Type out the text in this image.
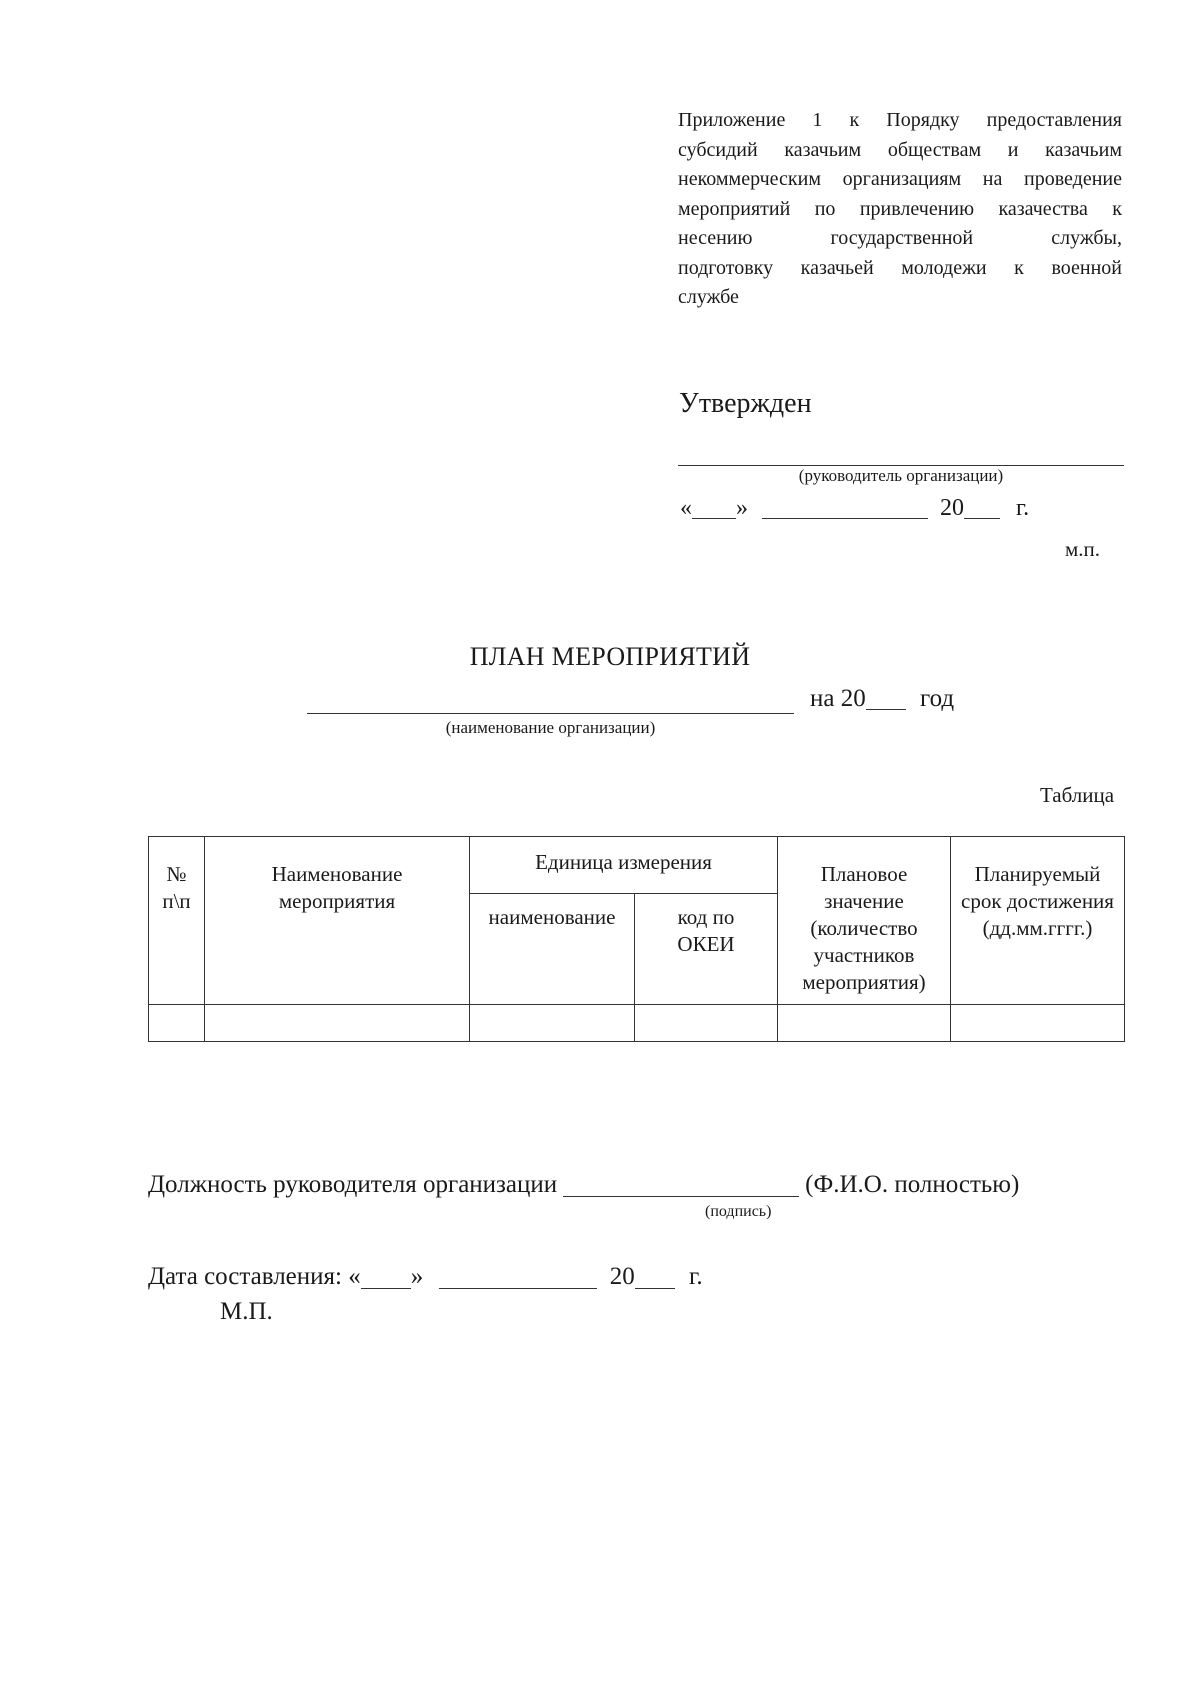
Приложение 1 к Порядку предоставления
субсидий казачьим обществам и казачьим
некоммерческим организациям на проведение
мероприятий по привлечению казачества к
несению государственной службы,
подготовку казачьей молодежи к военной
службе
Утвержден
(руководитель организации)
« »	20 г.
м.п.
ПЛАН МЕРОПРИЯТИЙ
на 20 год
(наименование организации)
Таблица
№ п\п	Наименование мероприятия	Единица измерения		Плановое значение (количество участников мероприятия)	Планируемый срок достижения (дд.мм.гггг.)
		наименование	код по ОКЕИ		

Должность руководителя организации	(Ф.И.О. полностью)
(подпись)
Дата составления: « »	20 г.
М.П.
